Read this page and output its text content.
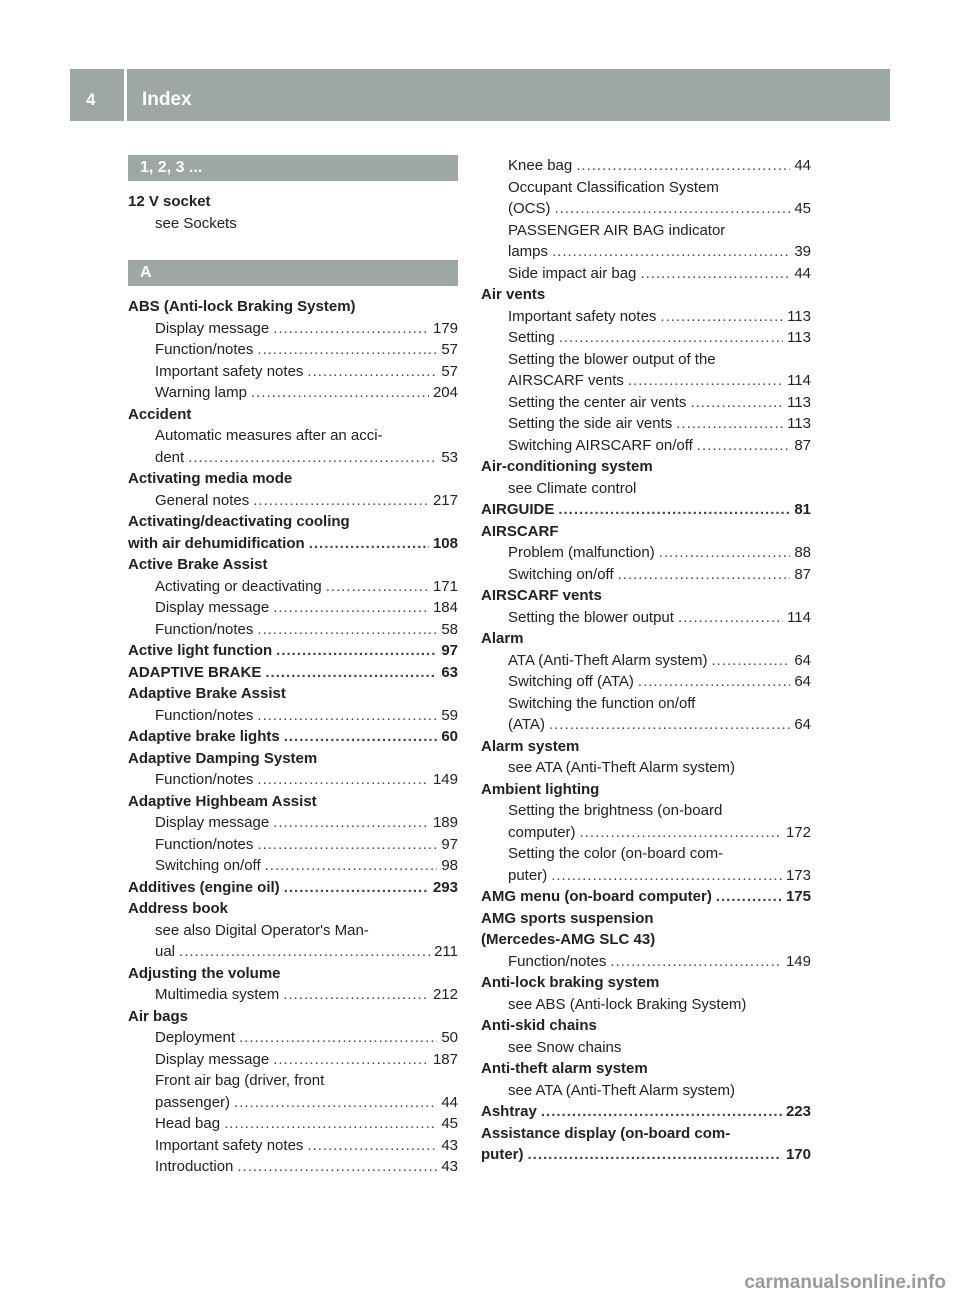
4 Index
1, 2, 3 ...
12 V socket
see Sockets
A
ABS (Anti-lock Braking System)
Display message .....	179
Function/notes .....	57
Important safety notes .....	57
Warning lamp .....	204
Accident
Automatic measures after an acci-
dent .....	53
Activating media mode
General notes .....	217
Activating/deactivating cooling
with air dehumidification .....	108
Active Brake Assist
Activating or deactivating .....	171
Display message .....	184
Function/notes .....	58
Active light function .....	97
ADAPTIVE BRAKE .....	63
Adaptive Brake Assist
Function/notes .....	59
Adaptive brake lights .....	60
Adaptive Damping System
Function/notes .....	149
Adaptive Highbeam Assist
Display message .....	189
Function/notes .....	97
Switching on/off .....	98
Additives (engine oil) .....	293
Address book
see also Digital Operator's Man-
ual .....	211
Adjusting the volume
Multimedia system .....	212
Air bags
Deployment .....	50
Display message .....	187
Front air bag (driver, front
passenger) .....	44
Head bag .....	45
Important safety notes .....	43
Introduction .....	43
Knee bag .....	44
Occupant Classification System
(OCS) .....	45
PASSENGER AIR BAG indicator
lamps .....	39
Side impact air bag .....	44
Air vents
Important safety notes .....	113
Setting .....	113
Setting the blower output of the
AIRSCARF vents .....	114
Setting the center air vents .....	113
Setting the side air vents .....	113
Switching AIRSCARF on/off .....	87
Air-conditioning system
see Climate control
AIRGUIDE .....	81
AIRSCARF
Problem (malfunction) .....	88
Switching on/off .....	87
AIRSCARF vents
Setting the blower output .....	114
Alarm
ATA (Anti-Theft Alarm system) .....	64
Switching off (ATA) .....	64
Switching the function on/off
(ATA) .....	64
Alarm system
see ATA (Anti-Theft Alarm system)
Ambient lighting
Setting the brightness (on-board
computer) .....	172
Setting the color (on-board com-
puter) .....	173
AMG menu (on-board computer) .....	175
AMG sports suspension
(Mercedes-AMG SLC 43)
Function/notes .....	149
Anti-lock braking system
see ABS (Anti-lock Braking System)
Anti-skid chains
see Snow chains
Anti-theft alarm system
see ATA (Anti-Theft Alarm system)
Ashtray .....	223
Assistance display (on-board com-
puter) .....	170
carmanualsonline.info
